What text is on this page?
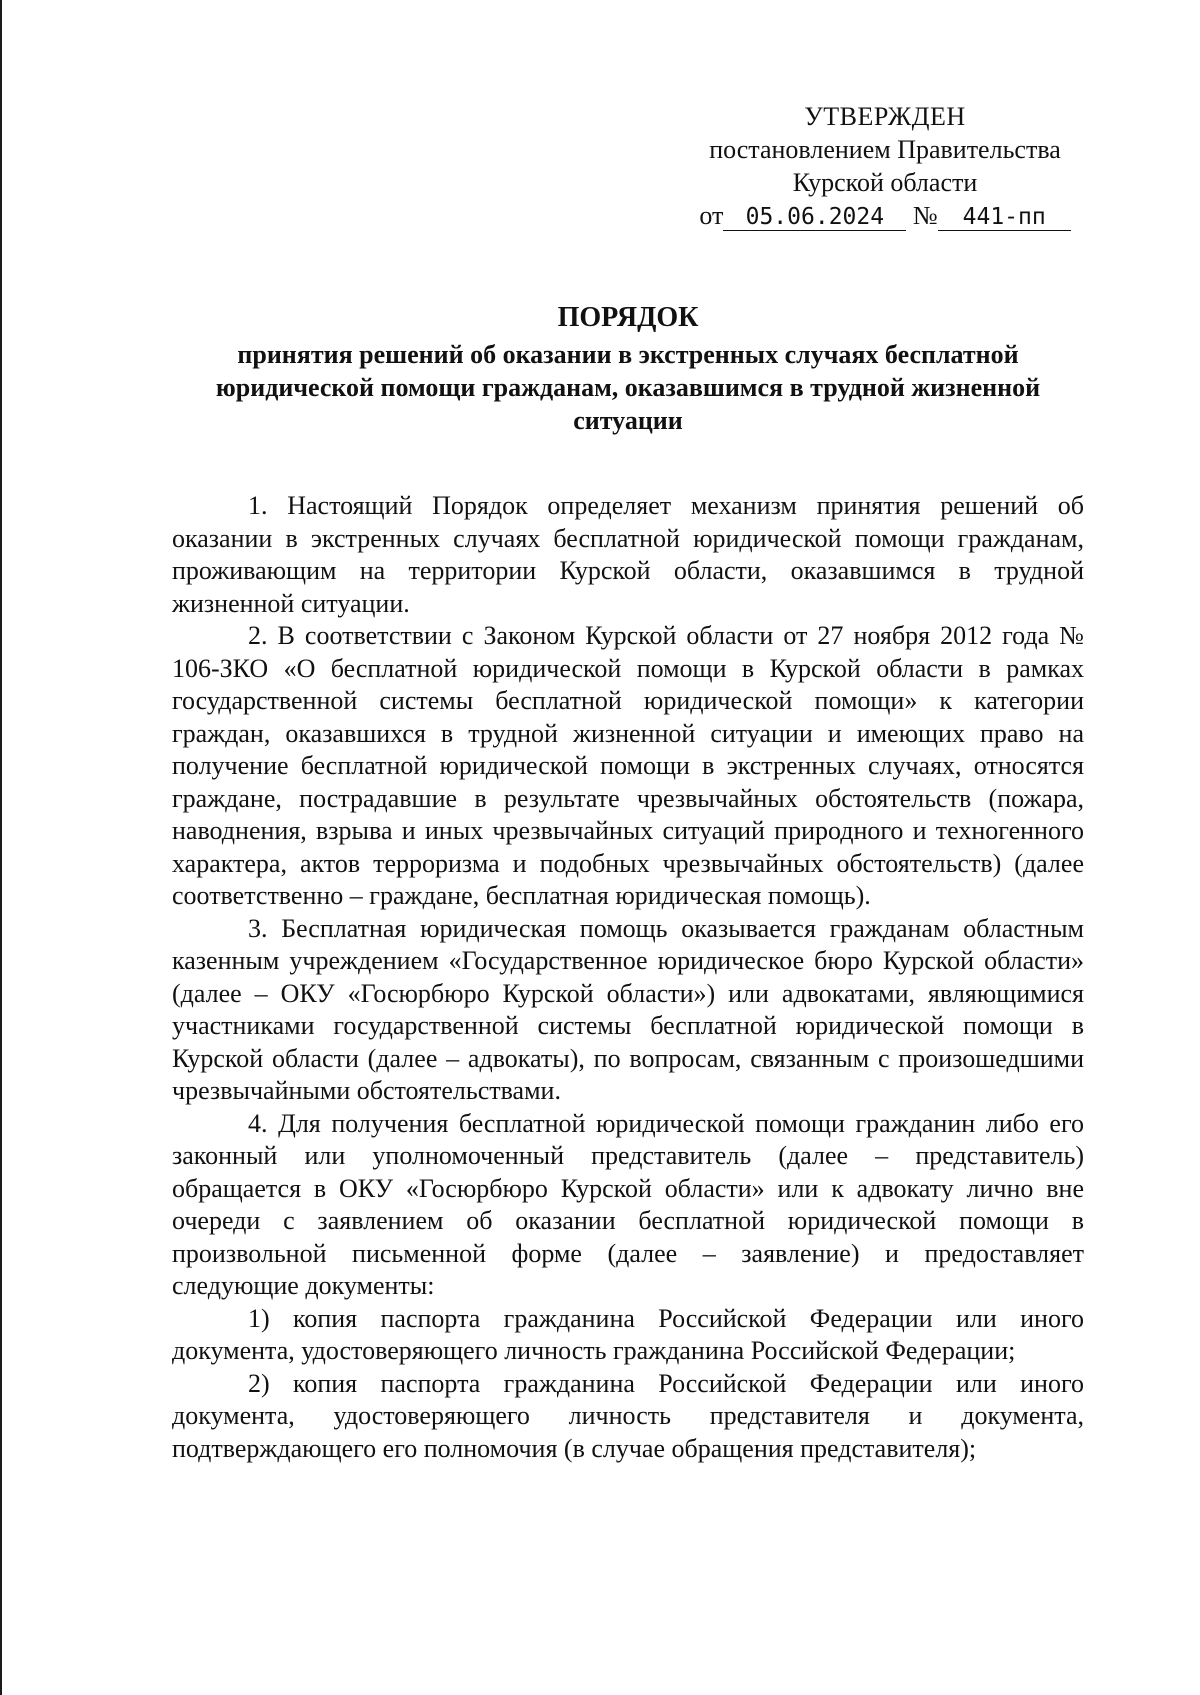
УТВЕРЖДЕН
постановлением Правительства
Курской области
от 05.06.2024 № 441-пп
ПОРЯДОК
принятия решений об оказании в экстренных случаях бесплатной юридической помощи гражданам, оказавшимся в трудной жизненной ситуации

1. Настоящий Порядок определяет механизм принятия решений об оказании в экстренных случаях бесплатной юридической помощи гражданам, проживающим на территории Курской области, оказавшимся в трудной жизненной ситуации.

2. В соответствии с Законом Курской области от 27 ноября 2012 года № 106-ЗКО «О бесплатной юридической помощи в Курской области в рамках государственной системы бесплатной юридической помощи» к категории граждан, оказавшихся в трудной жизненной ситуации и имеющих право на получение бесплатной юридической помощи в экстренных случаях, относятся граждане, пострадавшие в результате чрезвычайных обстоятельств (пожара, наводнения, взрыва и иных чрезвычайных ситуаций природного и техногенного характера, актов терроризма и подобных чрезвычайных обстоятельств) (далее соответственно – граждане, бесплатная юридическая помощь).

3. Бесплатная юридическая помощь оказывается гражданам областным казенным учреждением «Государственное юридическое бюро Курской области» (далее – ОКУ «Госюрбюро Курской области») или адвокатами, являющимися участниками государственной системы бесплатной юридической помощи в Курской области (далее – адвокаты), по вопросам, связанным с произошедшими чрезвычайными обстоятельствами.

4. Для получения бесплатной юридической помощи гражданин либо его законный или уполномоченный представитель (далее – представитель) обращается в ОКУ «Госюрбюро Курской области» или к адвокату лично вне очереди с заявлением об оказании бесплатной юридической помощи в произвольной письменной форме (далее – заявление) и предоставляет следующие документы:

1) копия паспорта гражданина Российской Федерации или иного документа, удостоверяющего личность гражданина Российской Федерации;

2) копия паспорта гражданина Российской Федерации или иного документа, удостоверяющего личность представителя и документа, подтверждающего его полномочия (в случае обращения представителя);
